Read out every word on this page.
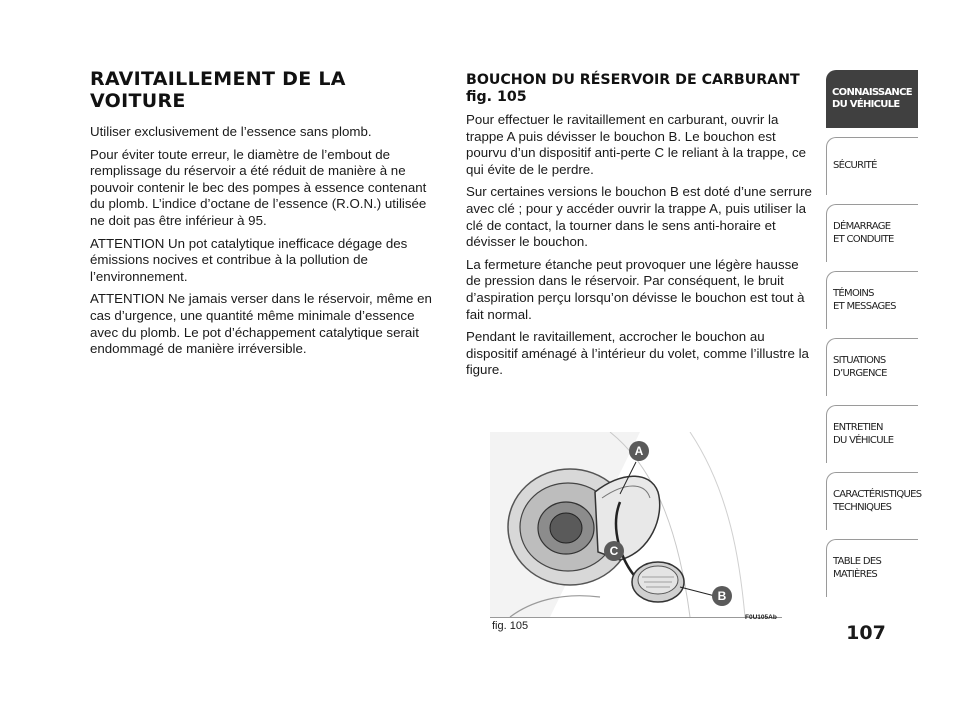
RAVITAILLEMENT DE LA VOITURE

Utiliser exclusivement de l’essence sans plomb.

Pour éviter toute erreur, le diamètre de l’embout de remplissage du réservoir a été réduit de manière à ne pouvoir contenir le bec des pompes à essence contenant du plomb. L’indice d’octane de l’essence (R.O.N.) utilisée ne doit pas être inférieur à 95.

ATTENTION Un pot catalytique inefficace dégage des émissions nocives et contribue à la pollution de l’environnement.

ATTENTION Ne jamais verser dans le réservoir, même en cas d’urgence, une quantité même minimale d’essence avec du plomb. Le pot d’échappement catalytique serait endommagé de manière irréversible.

BOUCHON DU RÉSERVOIR DE CARBURANT fig. 105

Pour effectuer le ravitaillement en carburant, ouvrir la trappe A puis dévisser le bouchon B. Le bouchon est pourvu d’un dispositif anti-perte C le reliant à la trappe, ce qui évite de le perdre.

Sur certaines versions le bouchon B est doté d’une serrure avec clé ; pour y accéder ouvrir la trappe A, puis utiliser la clé de contact, la tourner dans le sens anti-horaire et dévisser le bouchon.

La fermeture étanche peut provoquer une légère hausse de pression dans le réservoir. Par conséquent, le bruit d’aspiration perçu lorsqu’on dévisse le bouchon est tout à fait normal.

Pendant le ravitaillement, accrocher le bouchon au dispositif aménagé à l’intérieur du volet, comme l’illustre la figure.

A
C
B
fig. 105
F0U105Ab
CONNAISSANCE
DU VÉHICULE
SÉCURITÉ
DÉMARRAGE
ET CONDUITE
TÉMOINS
ET MESSAGES
SITUATIONS
D’URGENCE
ENTRETIEN
DU VÉHICULE
CARACTÉRISTIQUES
TECHNIQUES
TABLE DES
MATIÈRES
107
